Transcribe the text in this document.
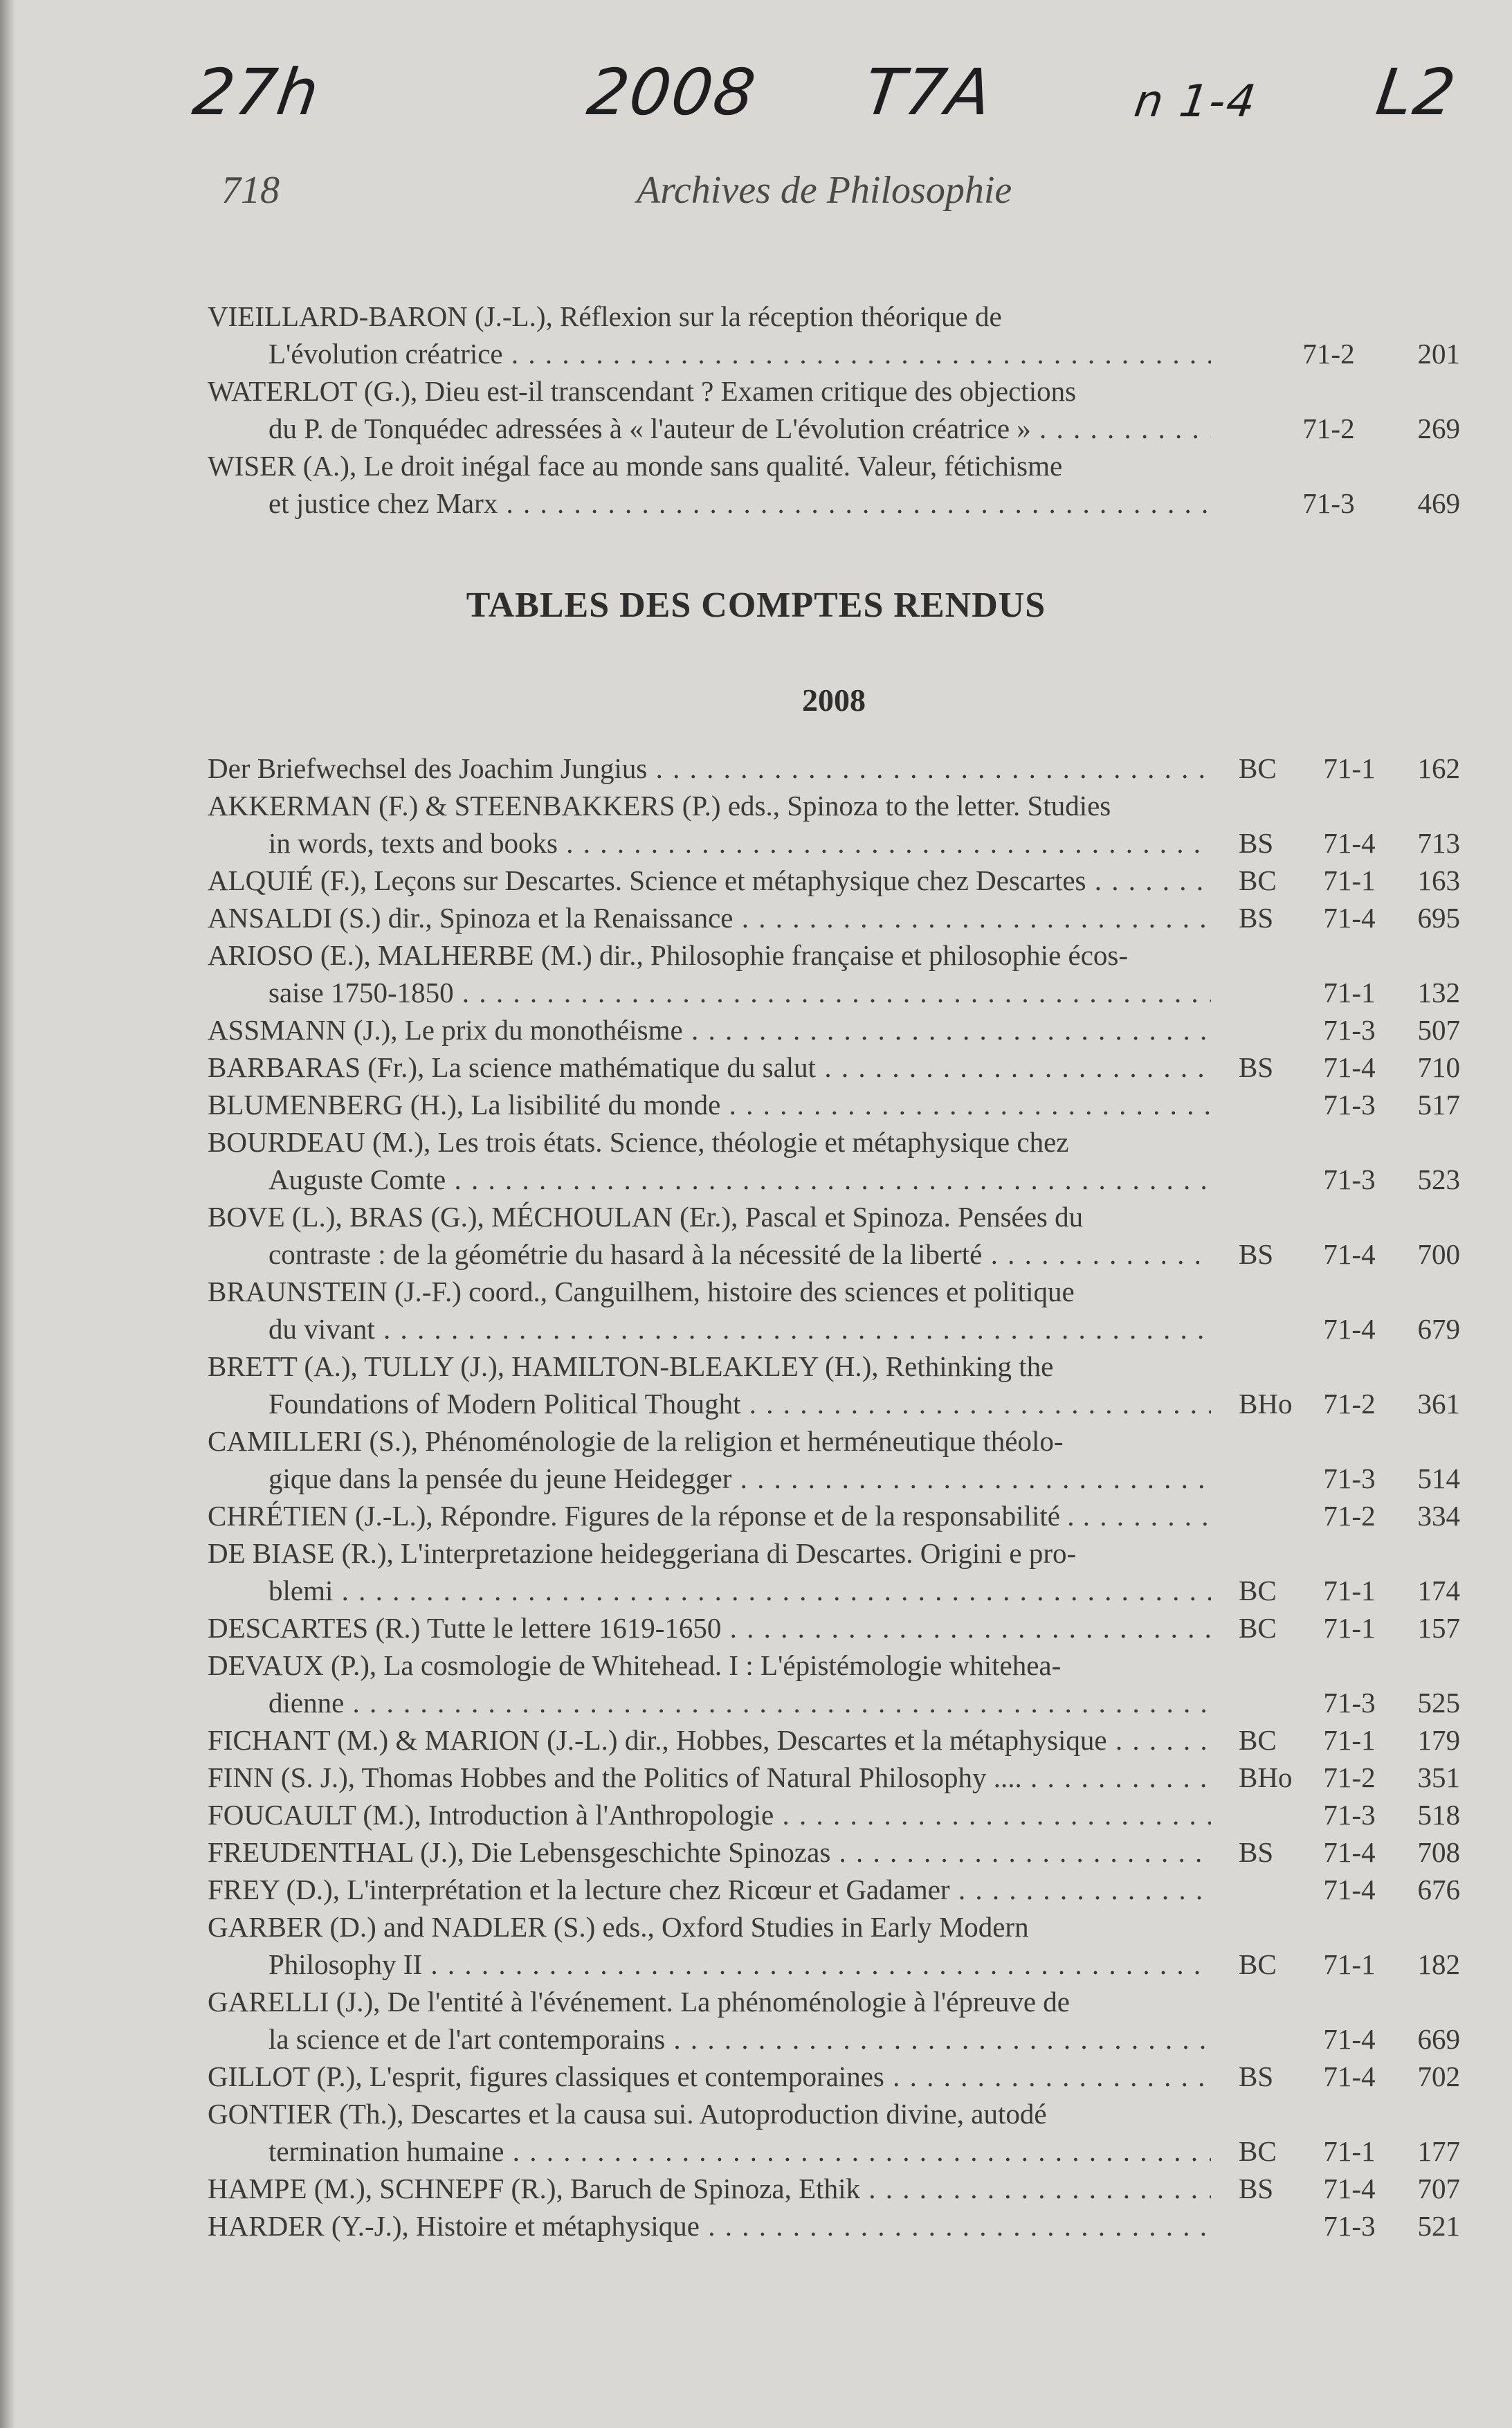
27h	2008 T7A	n 1-4 L2
718	Archives de Philosophie
VIEILLARD-BARON (J.-L.), Réflexion sur la réception théorique de
L'évolution créatrice . . .	71-2	201
WATERLOT (G.), Dieu est-il transcendant ? Examen critique des objections
du P. de Tonquédec adressées à « l'auteur de L'évolution créatrice » . . .	71-2	269
WISER (A.), Le droit inégal face au monde sans qualité. Valeur, fétichisme
et justice chez Marx . . .	71-3	469
TABLES DES COMPTES RENDUS
2008
Der Briefwechsel des Joachim Jungius . . .	BC	71-1	162
AKKERMAN (F.) & STEENBAKKERS (P.) eds., Spinoza to the letter. Studies
in words, texts and books . . .	BS	71-4	713
ALQUIÉ (F.), Leçons sur Descartes. Science et métaphysique chez Descartes . . .	BC	71-1	163
ANSALDI (S.) dir., Spinoza et la Renaissance . . .	BS	71-4	695
ARIOSO (E.), MALHERBE (M.) dir., Philosophie française et philosophie écos-
saise 1750-1850 . . .	71-1	132
ASSMANN (J.), Le prix du monothéisme . . .	71-3	507
BARBARAS (Fr.), La science mathématique du salut . . .	BS	71-4	710
BLUMENBERG (H.), La lisibilité du monde . . .	71-3	517
BOURDEAU (M.), Les trois états. Science, théologie et métaphysique chez
Auguste Comte . . .	71-3	523
BOVE (L.), BRAS (G.), MÉCHOULAN (Er.), Pascal et Spinoza. Pensées du
contraste : de la géométrie du hasard à la nécessité de la liberté . . .	BS	71-4	700
BRAUNSTEIN (J.-F.) coord., Canguilhem, histoire des sciences et politique
du vivant . . .	71-4	679
BRETT (A.), TULLY (J.), HAMILTON-BLEAKLEY (H.), Rethinking the
Foundations of Modern Political Thought . . .	BHo	71-2	361
CAMILLERI (S.), Phénoménologie de la religion et herméneutique théolo-
gique dans la pensée du jeune Heidegger . . .	71-3	514
CHRÉTIEN (J.-L.), Répondre. Figures de la réponse et de la responsabilité . . . .	71-2	334
DE BIASE (R.), L'interpretazione heideggeriana di Descartes. Origini e pro-
blemi . . .	BC	71-1	174
DESCARTES (R.) Tutte le lettere 1619-1650 . . .	BC	71-1	157
DEVAUX (P.), La cosmologie de Whitehead. I : L'épistémologie whitehea-
dienne . . .	71-3	525
FICHANT (M.) & MARION (J.-L.) dir., Hobbes, Descartes et la métaphysique . . .	BC	71-1	179
FINN (S. J.), Thomas Hobbes and the Politics of Natural Philosophy .... . . .	BHo	71-2	351
FOUCAULT (M.), Introduction à l'Anthropologie . . .	71-3	518
FREUDENTHAL (J.), Die Lebensgeschichte Spinozas . . .	BS	71-4	708
FREY (D.), L'interprétation et la lecture chez Ricœur et Gadamer . . .	71-4	676
GARBER (D.) and NADLER (S.) eds., Oxford Studies in Early Modern
Philosophy II . . .	BC	71-1	182
GARELLI (J.), De l'entité à l'événement. La phénoménologie à l'épreuve de
la science et de l'art contemporains . . .	71-4	669
GILLOT (P.), L'esprit, figures classiques et contemporaines . . .	BS	71-4	702
GONTIER (Th.), Descartes et la causa sui. Autoproduction divine, autodé
termination humaine . . .	BC	71-1	177
HAMPE (M.), SCHNEPF (R.), Baruch de Spinoza, Ethik . . .	BS	71-4	707
HARDER (Y.-J.), Histoire et métaphysique . . .	71-3	521
